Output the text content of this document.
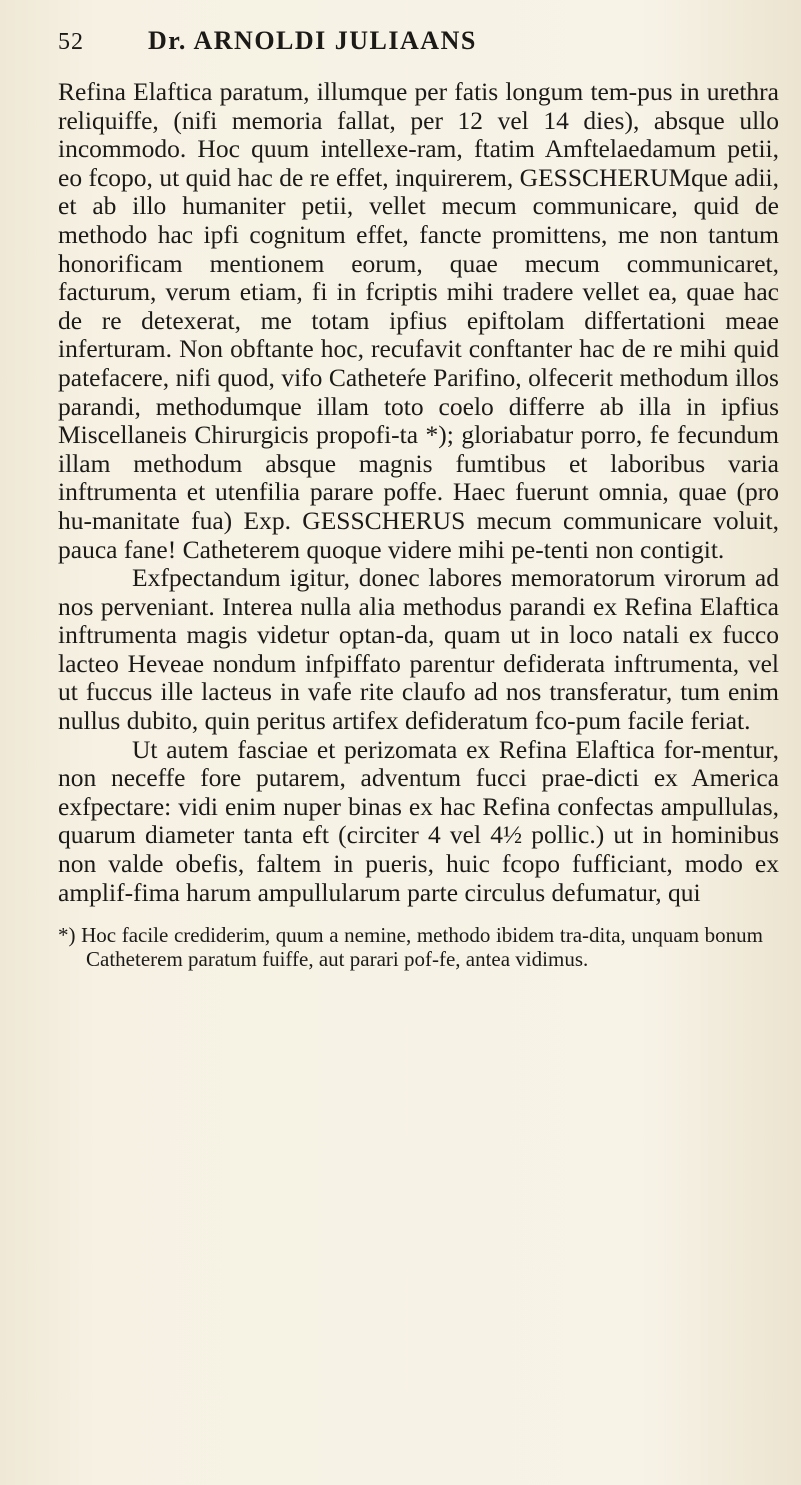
52	Dr. ARNOLDI JULIAANS

Refina Elaftica paratum, illumque per fatis longum tem-pus in urethra reliquiffe, (nifi memoria fallat, per 12 vel 14 dies), absque ullo incommodo. Hoc quum intellexe-ram, ftatim Amftelaedamum petii, eo fcopo, ut quid hac de re effet, inquirerem, GESSCHERUMque adii, et ab illo humaniter petii, vellet mecum communicare, quid de methodo hac ipfi cognitum effet, fancte promittens, me non tantum honorificam mentionem eorum, quae mecum communicaret, facturum, verum etiam, fi in fcriptis mihi tradere vellet ea, quae hac de re detexerat, me totam ipfius epiftolam differtationi meae inferturam. Non obftante hoc, recufavit conftanter hac de re mihi quid patefacere, nifi quod, vifo Catheteŕe Parifino, olfecerit methodum illos parandi, methodumque illam toto coelo differre ab illa in ipfius Miscellaneis Chirurgicis propofi-ta *); gloriabatur porro, fe fecundum illam methodum absque magnis fumtibus et laboribus varia inftrumenta et utenfilia parare poffe. Haec fuerunt omnia, quae (pro hu-manitate fua) Exp. GESSCHERUS mecum communicare voluit, pauca fane! Catheterem quoque videre mihi pe-tenti non contigit.

Exfpectandum igitur, donec labores memoratorum virorum ad nos perveniant. Interea nulla alia methodus parandi ex Refina Elaftica inftrumenta magis videtur optan-da, quam ut in loco natali ex fucco lacteo Heveae nondum infpiffato parentur defiderata inftrumenta, vel ut fuccus ille lacteus in vafe rite claufo ad nos transferatur, tum enim nullus dubito, quin peritus artifex defideratum fco-pum facile feriat.

Ut autem fasciae et perizomata ex Refina Elaftica for-mentur, non neceffe fore putarem, adventum fucci prae-dicti ex America exfpectare: vidi enim nuper binas ex hac Refina confectas ampullulas, quarum diameter tanta eft (circiter 4 vel 4½ pollic.) ut in hominibus non valde obefis, faltem in pueris, huic fcopo fufficiant, modo ex amplif-fima harum ampullularum parte circulus defumatur, qui

*) Hoc facile crediderim, quum a nemine, methodo ibidem tra-dita, unquam bonum Catheterem paratum fuiffe, aut parari pof-fe, antea vidimus.
